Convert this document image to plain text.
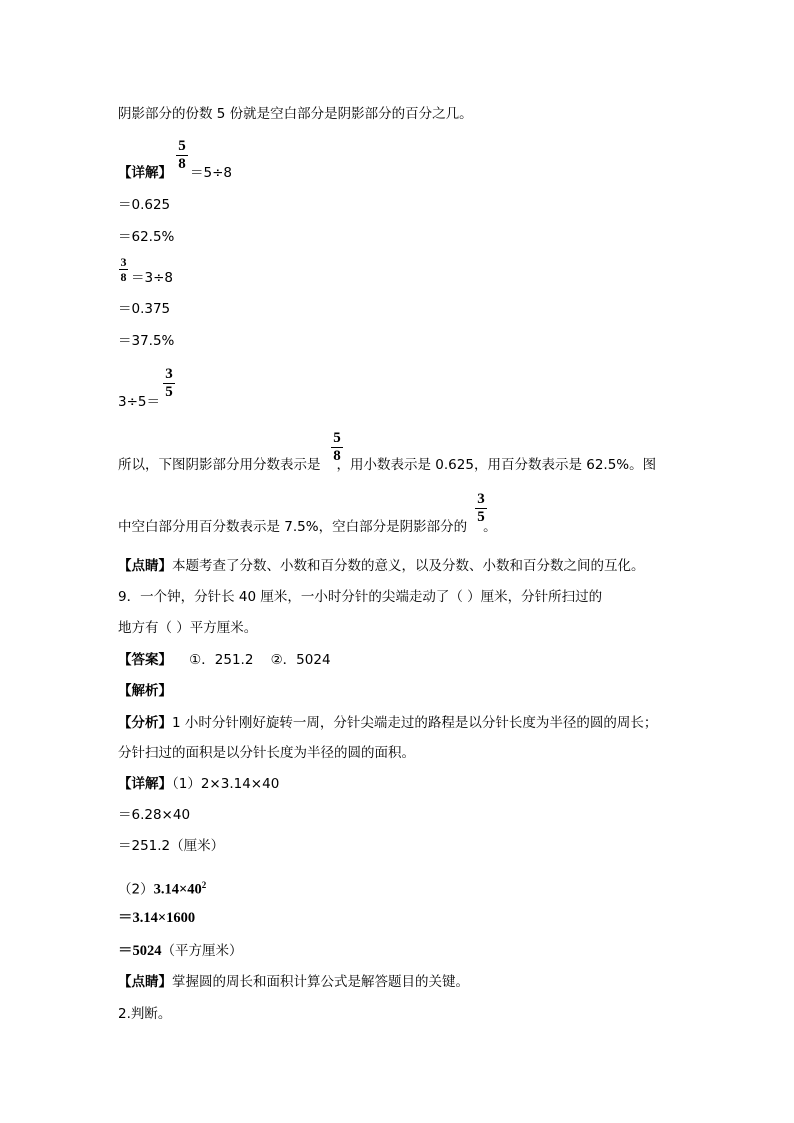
阴影部分的份数 5 份就是空白部分是阴影部分的百分之几。
【详解】 ＝5÷8
5
8
＝0.625
＝62.5%
3
8 ＝3÷8
＝0.375
＝37.5%
3÷5＝
3
5
所以，下图阴影部分用分数表示是 ，用小数表示是 0.625，用百分数表示是 62.5%。图
5
8
中空白部分用百分数表示是 7.5%，空白部分是阴影部分的 。
3
5
【点睛】本题考查了分数、小数和百分数的意义，以及分数、小数和百分数之间的互化。
9．一个钟，分针长 40 厘米，一小时分针的尖端走动了（ ）厘米，分针所扫过的
地方有（ ）平方厘米。
【答案】    ①．251.2    ②．5024
【解析】
【分析】1 小时分针刚好旋转一周，分针尖端走过的路程是以分针长度为半径的圆的周长；
分针扫过的面积是以分针长度为半径的圆的面积。
【详解】（1）2×3.14×40
＝6.28×40
＝251.2（厘米）
$(2)3.14\times 40^2$
＝3.14×1600
＝5024（平方厘米）
【点睛】掌握圆的周长和面积计算公式是解答题目的关键。
2.判断。
